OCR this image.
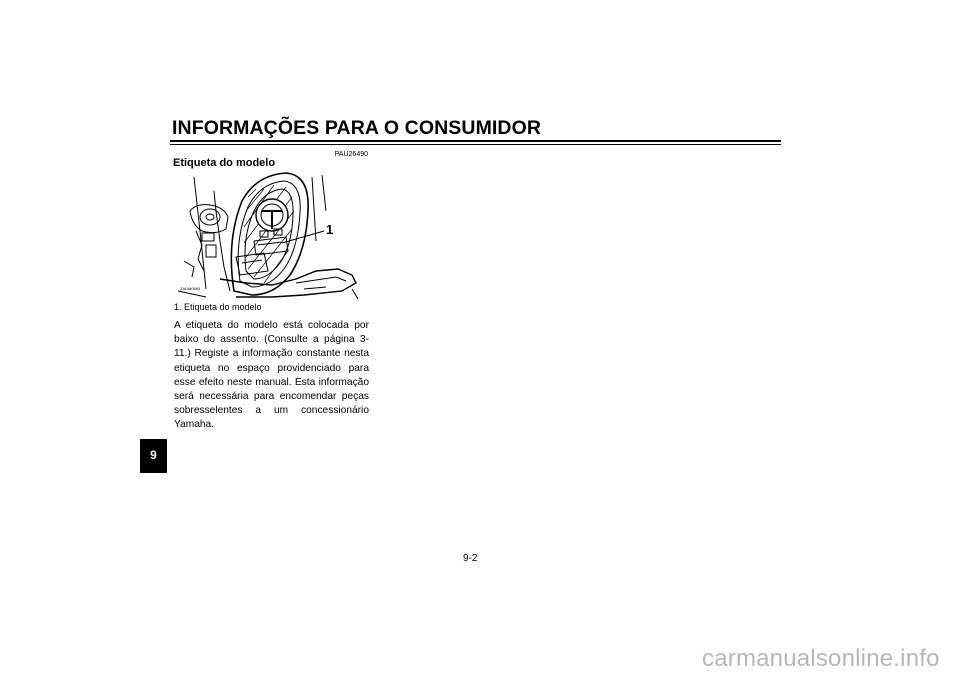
INFORMAÇÕES PARA O CONSUMIDOR
PAU26490
Etiqueta do modelo
1
ZAUM0684
1. Etiqueta do modelo
A etiqueta do modelo está colocada por baixo do assento. (Consulte a página 3-11.) Registe a informação constante nesta etiqueta no espaço providenciado para esse efeito neste manual. Esta informação será necessária para encomendar peças sobresselentes a um concessionário Yamaha.
9
9-2
carmanualsonline.info
